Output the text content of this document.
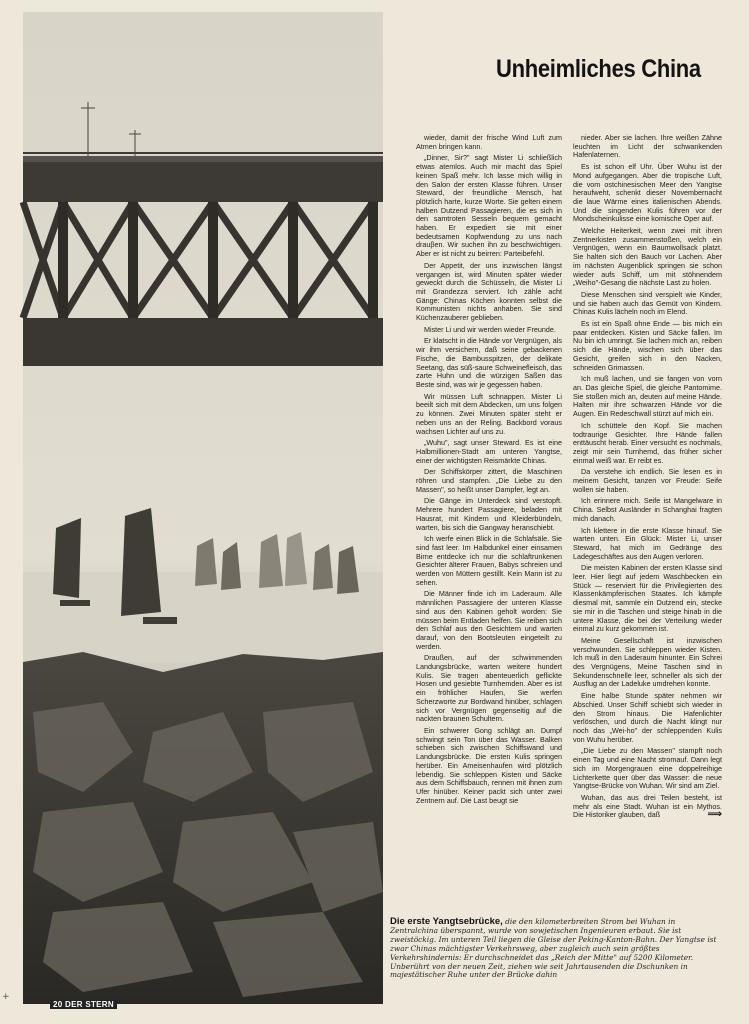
20 DER STERN
Unheimliches China

wieder, damit der frische Wind Luft zum Atmen bringen kann.

„Dinner, Sir?" sagt Mister Li schließlich etwas atemlos. Auch mir macht das Spiel keinen Spaß mehr. Ich lasse mich willig in den Salon der ersten Klasse führen. Unser Steward, der freundliche Mensch, hat plötzlich harte, kurze Worte. Sie gelten einem halben Dutzend Passagieren, die es sich in den samtroten Sesseln bequem gemacht haben. Er expediert sie mit einer bedeutsamen Kopfwendung zu uns nach drauβen. Wir suchen ihn zu beschwichtigen. Aber er ist nicht zu beirren: Parteibefehl.

Der Appetit, der uns inzwischen längst vergangen ist, wird Minuten später wieder geweckt durch die Schüsseln, die Mister Li mit Grandezza serviert. Ich zähle acht Gänge: Chinas Köchen konnten selbst die Kommunisten nichts anhaben. Sie sind Küchenzauberer geblieben.

Mister Li und wir werden wieder Freunde.

Er klatscht in die Hände vor Vergnügen, als wir ihm versichern, daß seine gebackenen Fische, die Bambusspitzen, der delikate Seetang, das süß-saure Schweinefleisch, das zarte Huhn und die würzigen Saßen das Beste sind, was wir je gegessen haben.

Wir müssen Luft schnappen. Mister Li beeilt sich mit dem Abdecken, um uns folgen zu können. Zwei Minuten später steht er neben uns an der Reling. Backbord voraus wachsen Lichter auf uns zu.

„Wuhu", sagt unser Steward. Es ist eine Halbmillionen-Stadt am unteren Yangtse, einer der wichtigsten Reismärkte Chinas.

Der Schiffskörper zittert, die Maschinen röhren und stampfen. „Die Liebe zu den Massen", so heißt unser Dampfer, legt an.

Die Gänge im Unterdeck sind verstopft. Mehrere hundert Passagiere, beladen mit Hausrat, mit Kindern und Kleiderbündeln, warten, bis sich die Gangway heranschiebt.

Ich werfe einen Blick in die Schlafsäle. Sie sind fast leer. Im Halbdunkel einer einsamen Birne entdecke ich nur die schlaftrunkenen Gesichter älterer Frauen, Babys schreien und werden von Müttern gestillt. Kein Mann ist zu sehen.

Die Männer finde ich im Laderaum. Alle männlichen Passagiere der unteren Klasse sind aus den Kabinen geholt worden: Sie müssen beim Entladen helfen. Sie reiben sich den Schlaf aus den Gesichtern und warten darauf, von den Bootsleuten eingeteilt zu werden.

Draußen, auf der schwimmenden Landungsbrücke, warten weitere hundert Kulis. Sie tragen abenteuerlich geflickte Hosen und gesiebte Turnhemden. Aber es ist ein fröhlicher Haufen, Sie werfen Scherzworte zur Bordwand hinüber, schlagen sich vor Vergnügen gegenseitig auf die nackten braunen Schultern.

Ein schwerer Gong schlägt an. Dumpf schwingt sein Ton über das Wasser. Balken schieben sich zwischen Schiffswand und Landungsbrücke. Die ersten Kulis springen herüber. Ein Ameisenhaufen wird plötzlich lebendig. Sie schleppen Kisten und Säcke aus dem Schiffsbauch, rennen mit ihnen zum Ufer hinüber. Keiner packt sich unter zwei Zentnern auf. Die Last beugt sie

nieder. Aber sie lachen. Ihre weißen Zähne leuchten im Licht der schwankenden Hafenlaternen.

Es ist schon elf Uhr. Über Wuhu ist der Mond aufgegangen. Aber die tropische Luft, die vom ostchinesischen Meer den Yangtse heraufweht, schenkt dieser Novembernacht die laue Wärme eines italienischen Abends. Und die singenden Kulis führen vor der Mondscheinkulisse eine komische Oper auf.

Welche Heiterkeit, wenn zwei mit ihren Zentnerkisten zusammenstoßen, welch ein Vergnügen, wenn ein Baumwollsack platzt. Sie halten sich den Bauch vor Lachen. Aber im nächsten Augenblick springen sie schon wieder aufs Schiff, um mit stöhnendem „Weiho"-Gesang die nächste Last zu holen.

Diese Menschen sind verspielt wie Kinder, und sie haben auch das Gemüt von Kindern. Chinas Kulis lächeln noch im Elend.

Es ist ein Spaß ohne Ende — bis mich ein paar entdecken. Kisten und Säcke fallen. Im Nu bin ich umringt. Sie lachen mich an, reiben sich die Hände, wischen sich über das Gesicht, greifen sich in den Nacken, schneiden Grimassen.

Ich muß lachen, und sie fangen von vorn an. Das gleiche Spiel, die gleiche Pantomime. Sie stoßen mich an, deuten auf meine Hände. Halten mir ihre schwarzen Hände vor die Augen. Ein Redeschwall stürzt auf mich ein.

Ich schüttele den Kopf. Sie machen todtraurige Gesichter. Ihre Hände fallen enttäuscht herab. Einer versucht es nochmals, zeigt mir sein Turnhemd, das früher sicher einmal weiß war. Er reibt es.

Da verstehe ich endlich. Sie lesen es in meinem Gesicht, tanzen vor Freude: Seife wollen sie haben.

Ich erinnere mich. Seife ist Mangelware in China. Selbst Ausländer in Schanghai fragten mich danach.

Ich klettere in die erste Klasse hinauf. Sie warten unten. Ein Glück: Mister Li, unser Steward, hat mich im Gedränge des Ladegeschäftes aus den Augen verloren.

Die meisten Kabinen der ersten Klasse sind leer. Hier liegt auf jedem Waschbecken ein Stück — reserviert für die Privilegierten des Klassenkämpferischen Staates. Ich kämpfe diesmal mit, sammle ein Dutzend ein, stecke sie mir in die Taschen und steige hinab in die untere Klasse, die bei der Verteilung wieder einmal zu kurz gekommen ist.

Meine Gesellschaft ist inzwischen verschwunden. Sie schleppen wieder Kisten. Ich muß in den Laderaum hinunter. Ein Schrei des Vergnügens, Meine Taschen sind in Sekundenschnelle leer, schneller als sich der Ausflug an der Ladeluke umdrehen konnte.

Eine halbe Stunde später nehmen wir Abschied. Unser Schiff schiebt sich wieder in den Strom hinaus. Die Hafenlichter verlöschen, und durch die Nacht klingt nur noch das „Wei-ho" der schleppenden Kulis von Wuhu herüber.

„Die Liebe zu den Massen" stampft noch einen Tag und eine Nacht stromauf. Dann legt sich im Morgengrauen eine doppelreihige Lichterkette quer über das Wasser: die neue Yangtse-Brücke von Wuhan. Wir sind am Ziel.

Wuhan, das aus drei Teilen besteht, ist mehr als eine Stadt. Wuhan ist ein Mythos. Die Historiker glauben, daß	⟹

Die erste Yangtsebrücke, die den kilometerbreiten Strom bei Wuhan in Zentralchina überspannt, wurde von sowjetischen Ingenieuren erbaut. Sie ist zweistöckig. Im unteren Teil liegen die Gleise der Peking-Kanton-Bahn. Der Yangtse ist zwar Chinas mächtigster Verkehrsweg, aber zugleich auch sein größtes Verkehrshindernis: Er durchschneidet das „Reich der Mitte" auf 5200 Kilometer. Unberührt von der neuen Zeit, ziehen wie seit Jahrtausenden die Dschunken in majestätischer Ruhe unter der Brücke dahin
+
